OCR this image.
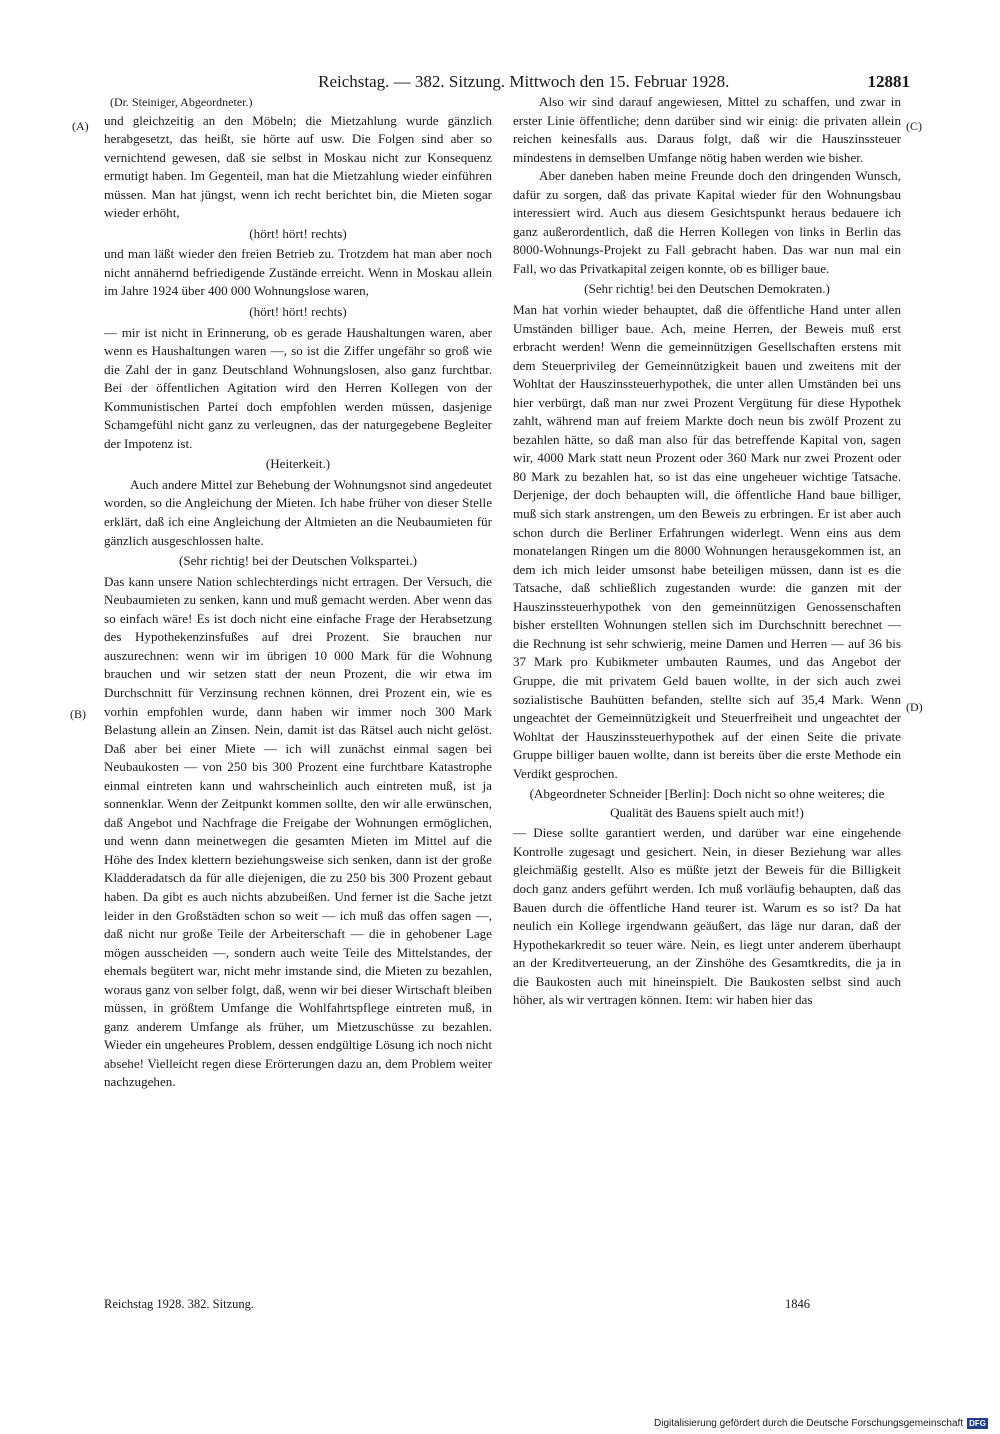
Reichstag. — 382. Sitzung. Mittwoch den 15. Februar 1928.	12881
(A)
(B)
(C)
(D)

(Dr. Steiniger, Abgeordneter.)

und gleichzeitig an den Möbeln; die Mietzahlung wurde gänzlich herabgesetzt, das heißt, sie hörte auf usw. Die Folgen sind aber so vernichtend gewesen, daß sie selbst in Moskau nicht zur Konsequenz ermutigt haben. Im Gegenteil, man hat die Mietzahlung wieder einführen müssen. Man hat jüngst, wenn ich recht berichtet bin, die Mieten sogar wieder erhöht,

(hört! hört! rechts)

und man läßt wieder den freien Betrieb zu. Trotzdem hat man aber noch nicht annähernd befriedigende Zustände erreicht. Wenn in Moskau allein im Jahre 1924 über 400 000 Wohnungslose waren,

(hört! hört! rechts)

— mir ist nicht in Erinnerung, ob es gerade Haushaltungen waren, aber wenn es Haushaltungen waren —, so ist die Ziffer ungefähr so groß wie die Zahl der in ganz Deutschland Wohnungslosen, also ganz furchtbar. Bei der öffentlichen Agitation wird den Herren Kollegen von der Kommunistischen Partei doch empfohlen werden müssen, dasjenige Schamgefühl nicht ganz zu verleugnen, das der naturgegebene Begleiter der Impotenz ist.

(Heiterkeit.)

Auch andere Mittel zur Behebung der Wohnungsnot sind angedeutet worden, so die Angleichung der Mieten. Ich habe früher von dieser Stelle erklärt, daß ich eine Angleichung der Altmieten an die Neubaumieten für gänzlich ausgeschlossen halte.

(Sehr richtig! bei der Deutschen Volkspartei.)

Das kann unsere Nation schlechterdings nicht ertragen. Der Versuch, die Neubaumieten zu senken, kann und muß gemacht werden. Aber wenn das so einfach wäre! Es ist doch nicht eine einfache Frage der Herabsetzung des Hypothekenzinsfußes auf drei Prozent. Sie brauchen nur auszurechnen: wenn wir im übrigen 10 000 Mark für die Wohnung brauchen und wir setzen statt der neun Prozent, die wir etwa im Durchschnitt für Verzinsung rechnen können, drei Prozent ein, wie es vorhin empfohlen wurde, dann haben wir immer noch 300 Mark Belastung allein an Zinsen. Nein, damit ist das Rätsel auch nicht gelöst. Daß aber bei einer Miete — ich will zunächst einmal sagen bei Neubaukosten — von 250 bis 300 Prozent eine furchtbare Katastrophe einmal eintreten kann und wahrscheinlich auch eintreten muß, ist ja sonnenklar. Wenn der Zeitpunkt kommen sollte, den wir alle erwünschen, daß Angebot und Nachfrage die Freigabe der Wohnungen ermöglichen, und wenn dann meinetwegen die gesamten Mieten im Mittel auf die Höhe des Index klettern beziehungsweise sich senken, dann ist der große Kladderadatsch da für alle diejenigen, die zu 250 bis 300 Prozent gebaut haben. Da gibt es auch nichts abzubeißen. Und ferner ist die Sache jetzt leider in den Großstädten schon so weit — ich muß das offen sagen —, daß nicht nur große Teile der Arbeiterschaft — die in gehobener Lage mögen ausscheiden —, sondern auch weite Teile des Mittelstandes, der ehemals begütert war, nicht mehr imstande sind, die Mieten zu bezahlen, woraus ganz von selber folgt, daß, wenn wir bei dieser Wirtschaft bleiben müssen, in größtem Umfange die Wohlfahrtspflege eintreten muß, in ganz anderem Umfange als früher, um Mietzuschüsse zu bezahlen. Wieder ein ungeheures Problem, dessen endgültige Lösung ich noch nicht absehe! Vielleicht regen diese Erörterungen dazu an, dem Problem weiter nachzugehen.

Also wir sind darauf angewiesen, Mittel zu schaffen, und zwar in erster Linie öffentliche; denn darüber sind wir einig: die privaten allein reichen keinesfalls aus. Daraus folgt, daß wir die Hauszinssteuer mindestens in demselben Umfange nötig haben werden wie bisher.

Aber daneben haben meine Freunde doch den dringenden Wunsch, dafür zu sorgen, daß das private Kapital wieder für den Wohnungsbau interessiert wird. Auch aus diesem Gesichtspunkt heraus bedauere ich ganz außerordentlich, daß die Herren Kollegen von links in Berlin das 8000-Wohnungs-Projekt zu Fall gebracht haben. Das war nun mal ein Fall, wo das Privatkapital zeigen konnte, ob es billiger baue.

(Sehr richtig! bei den Deutschen Demokraten.)

Man hat vorhin wieder behauptet, daß die öffentliche Hand unter allen Umständen billiger baue. Ach, meine Herren, der Beweis muß erst erbracht werden! Wenn die gemeinnützigen Gesellschaften erstens mit dem Steuerprivileg der Gemeinnützigkeit bauen und zweitens mit der Wohltat der Hauszinssteuerhypothek, die unter allen Umständen bei uns hier verbürgt, daß man nur zwei Prozent Vergütung für diese Hypothek zahlt, während man auf freiem Markte doch neun bis zwölf Prozent zu bezahlen hätte, so daß man also für das betreffende Kapital von, sagen wir, 4000 Mark statt neun Prozent oder 360 Mark nur zwei Prozent oder 80 Mark zu bezahlen hat, so ist das eine ungeheuer wichtige Tatsache. Derjenige, der doch behaupten will, die öffentliche Hand baue billiger, muß sich stark anstrengen, um den Beweis zu erbringen. Er ist aber auch schon durch die Berliner Erfahrungen widerlegt. Wenn eins aus dem monatelangen Ringen um die 8000 Wohnungen herausgekommen ist, an dem ich mich leider umsonst habe beteiligen müssen, dann ist es die Tatsache, daß schließlich zugestanden wurde: die ganzen mit der Hauszinssteuerhypothek von den gemeinnützigen Genossenschaften bisher erstellten Wohnungen stellen sich im Durchschnitt berechnet — die Rechnung ist sehr schwierig, meine Damen und Herren — auf 36 bis 37 Mark pro Kubikmeter umbauten Raumes, und das Angebot der Gruppe, die mit privatem Geld bauen wollte, in der sich auch zwei sozialistische Bauhütten befanden, stellte sich auf 35,4 Mark. Wenn ungeachtet der Gemeinnützigkeit und Steuerfreiheit und ungeachtet der Wohltat der Hauszinssteuerhypothek auf der einen Seite die private Gruppe billiger bauen wollte, dann ist bereits über die erste Methode ein Verdikt gesprochen.

(Abgeordneter Schneider [Berlin]: Doch nicht so ohne weiteres; die Qualität des Bauens spielt auch mit!)

— Diese sollte garantiert werden, und darüber war eine eingehende Kontrolle zugesagt und gesichert. Nein, in dieser Beziehung war alles gleichmäßig gestellt. Also es müßte jetzt der Beweis für die Billigkeit doch ganz anders geführt werden. Ich muß vorläufig behaupten, daß das Bauen durch die öffentliche Hand teurer ist. Warum es so ist? Da hat neulich ein Kollege irgendwann geäußert, das läge nur daran, daß der Hypothekarkredit so teuer wäre. Nein, es liegt unter anderem überhaupt an der Kreditverteuerung, an der Zinshöhe des Gesamtkredits, die ja in die Baukosten auch mit hineinspielt. Die Baukosten selbst sind auch höher, als wir vertragen können. Item: wir haben hier das

Reichstag 1928. 382. Sitzung.	1846
Digitalisierung gefördert durch die Deutsche Forschungsgemeinschaft DFG
